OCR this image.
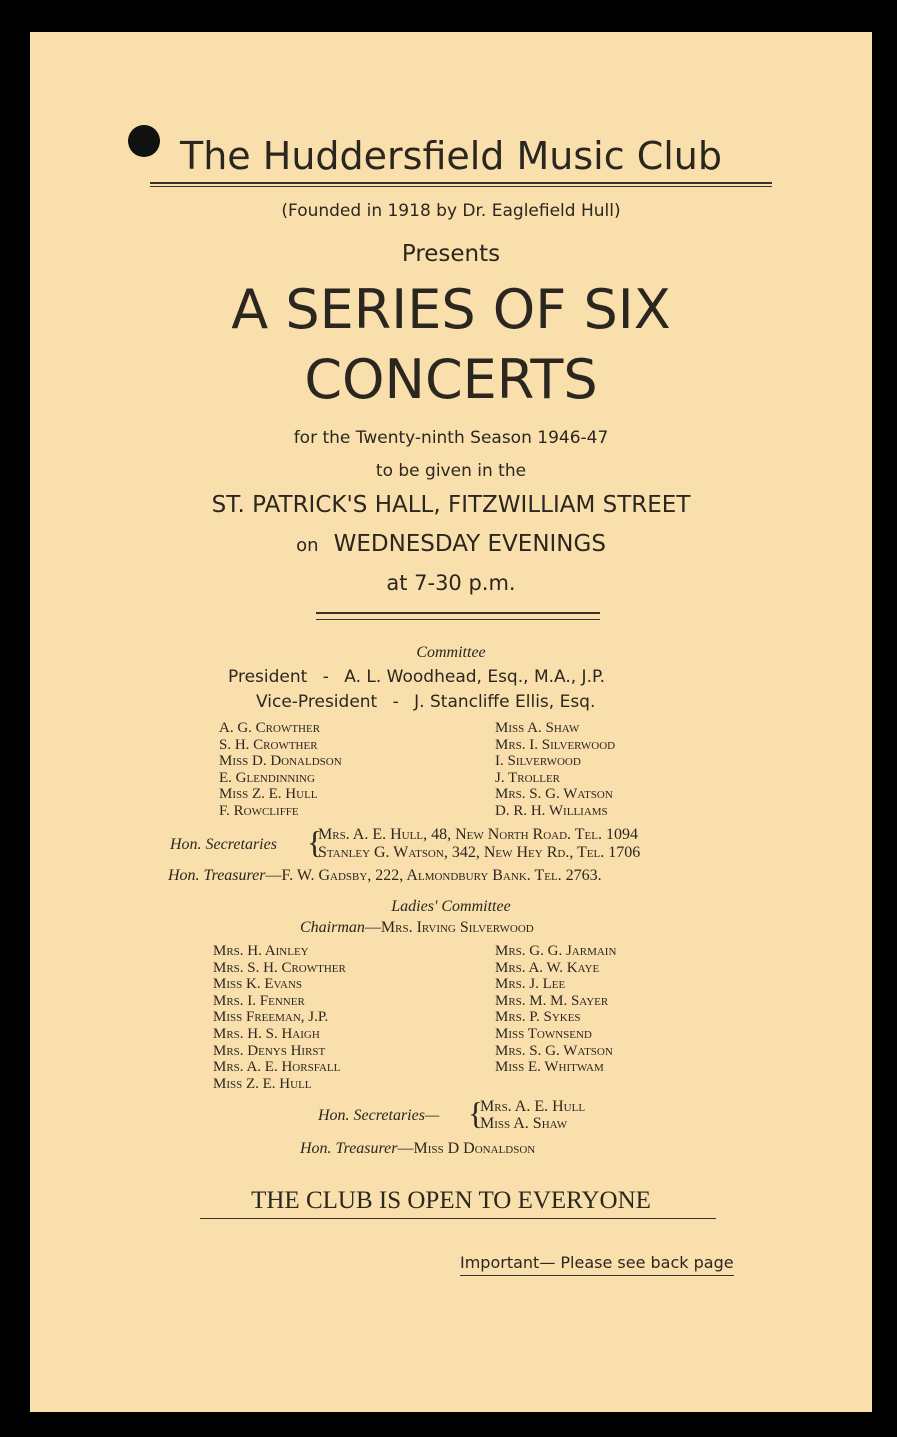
The Huddersfield Music Club
(Founded in 1918 by Dr. Eaglefield Hull)
Presents
A SERIES OF SIX
CONCERTS
for the Twenty-ninth Season 1946-47
to be given in the
ST. PATRICK'S HALL, FITZWILLIAM STREET
on WEDNESDAY EVENINGS
at 7-30 p.m.
Committee
President - A. L. Woodhead, Esq., M.A., J.P.
Vice-President - J. Stancliffe Ellis, Esq.
A. G. Crowther
S. H. Crowther
Miss D. Donaldson
E. Glendinning
Miss Z. E. Hull
F. Rowcliffe
Miss A. Shaw
Mrs. I. Silverwood
I. Silverwood
J. Troller
Mrs. S. G. Watson
D. R. H. Williams
Hon. Secretaries {
Mrs. A. E. Hull, 48, New North Road. Tel. 1094
Stanley G. Watson, 342, New Hey Rd., Tel. 1706
Hon. Treasurer—F. W. Gadsby, 222, Almondbury Bank. Tel. 2763.
Ladies' Committee
Chairman—Mrs. Irving Silverwood
Mrs. H. Ainley
Mrs. S. H. Crowther
Miss K. Evans
Mrs. I. Fenner
Miss Freeman, J.P.
Mrs. H. S. Haigh
Mrs. Denys Hirst
Mrs. A. E. Horsfall
Miss Z. E. Hull
Mrs. G. G. Jarmain
Mrs. A. W. Kaye
Mrs. J. Lee
Mrs. M. M. Sayer
Mrs. P. Sykes
Miss Townsend
Mrs. S. G. Watson
Miss E. Whitwam
Hon. Secretaries— {
Mrs. A. E. Hull
Miss A. Shaw
Hon. Treasurer—Miss D Donaldson
THE CLUB IS OPEN TO EVERYONE
Important— Please see back page
